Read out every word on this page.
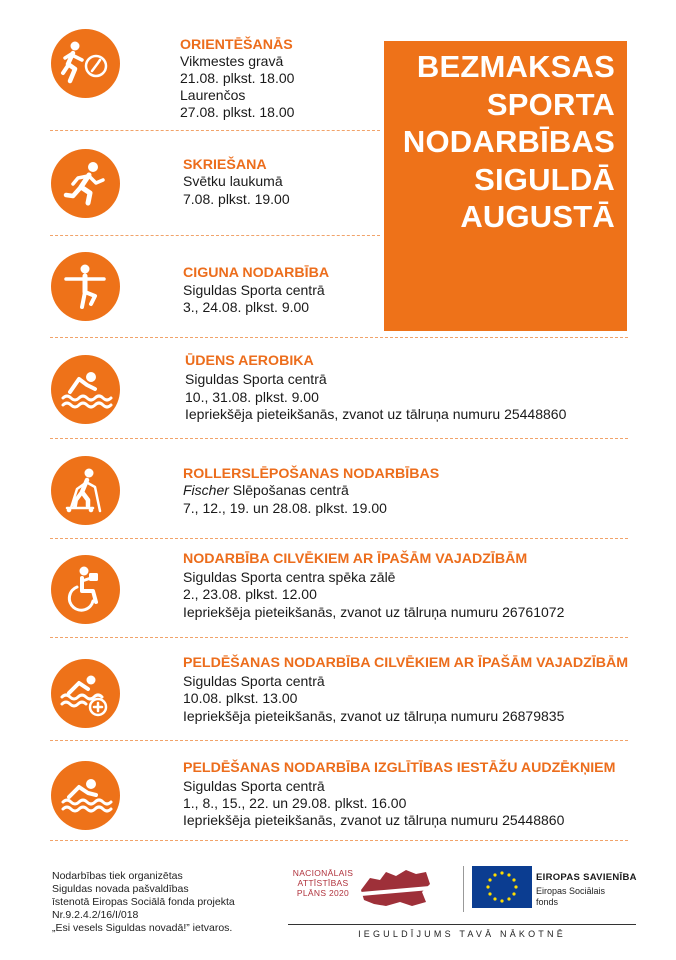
BEZMAKSAS
SPORTA
NODARBĪBAS
SIGULDĀ
AUGUSTĀ
ORIENTĒŠANĀS
Vikmestes gravā
21.08. plkst. 18.00
Laurenčos
27.08. plkst. 18.00
SKRIEŠANA
Svētku laukumā
7.08. plkst. 19.00
CIGUNA NODARBĪBA
Siguldas Sporta centrā
3., 24.08. plkst. 9.00
ŪDENS AEROBIKA
Siguldas Sporta centrā
10., 31.08. plkst. 9.00
Iepriekšēja pieteikšanās, zvanot uz tālruņa numuru 25448860
ROLLERSLĒPOŠANAS NODARBĪBAS
Fischer Slēpošanas centrā
7., 12., 19. un 28.08. plkst. 19.00
NODARBĪBA CILVĒKIEM AR ĪPAŠĀM VAJADZĪBĀM
Siguldas Sporta centra spēka zālē
2., 23.08. plkst. 12.00
Iepriekšēja pieteikšanās, zvanot uz tālruņa numuru 26761072
PELDĒŠANAS NODARBĪBA CILVĒKIEM AR ĪPAŠĀM VAJADZĪBĀM
Siguldas Sporta centrā
10.08. plkst. 13.00
Iepriekšēja pieteikšanās, zvanot uz tālruņa numuru 26879835
PELDĒŠANAS NODARBĪBA IZGLĪTĪBAS IESTĀŽU AUDZĒKŅIEM
Siguldas Sporta centrā
1., 8., 15., 22. un 29.08. plkst. 16.00
Iepriekšēja pieteikšanās, zvanot uz tālruņa numuru 25448860
Nodarbības tiek organizētas
Siguldas novada pašvaldības
īstenotā Eiropas Sociālā fonda projekta
Nr.9.2.4.2/16/I/018
„Esi vesels Siguldas novadā!” ietvaros.
NACIONĀLAIS
ATTĪSTĪBAS
PLĀNS 2020
EIROPAS SAVIENĪBA
Eiropas Sociālais
fonds
IEGULDĪJUMS TAVĀ NĀKOTNĒ
